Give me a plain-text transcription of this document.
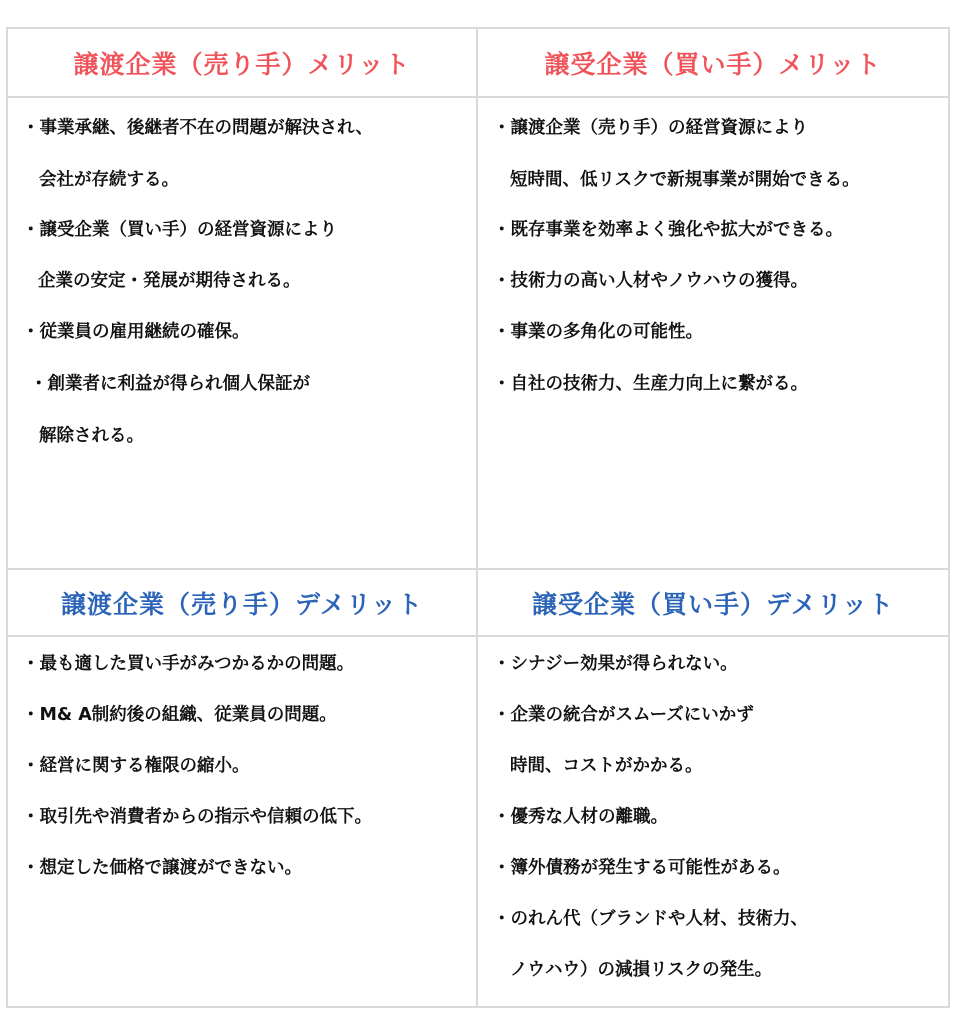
譲渡企業（売り手）メリット	譲受企業（買い手）メリット
・事業承継、後継者不在の問題が解決され、
会社が存続する。
・譲受企業（買い手）の経営資源により
企業の安定・発展が期待される。
・従業員の雇用継続の確保。
・創業者に利益が得られ個人保証が
解除される。
・譲渡企業（売り手）の経営資源により
短時間、低リスクで新規事業が開始できる。
・既存事業を効率よく強化や拡大ができる。
・技術力の高い人材やノウハウの獲得。
・事業の多角化の可能性。
・自社の技術力、生産力向上に繋がる。
譲渡企業（売り手）デメリット	譲受企業（買い手）デメリット
・最も適した買い手がみつかるかの問題。
・M& A制約後の組織、従業員の問題。
・経営に関する権限の縮小。
・取引先や消費者からの指示や信頼の低下。
・想定した価格で譲渡ができない。
・シナジー効果が得られない。
・企業の統合がスムーズにいかず
時間、コストがかかる。
・優秀な人材の離職。
・簿外債務が発生する可能性がある。
・のれん代（ブランドや人材、技術力、
ノウハウ）の減損リスクの発生。
